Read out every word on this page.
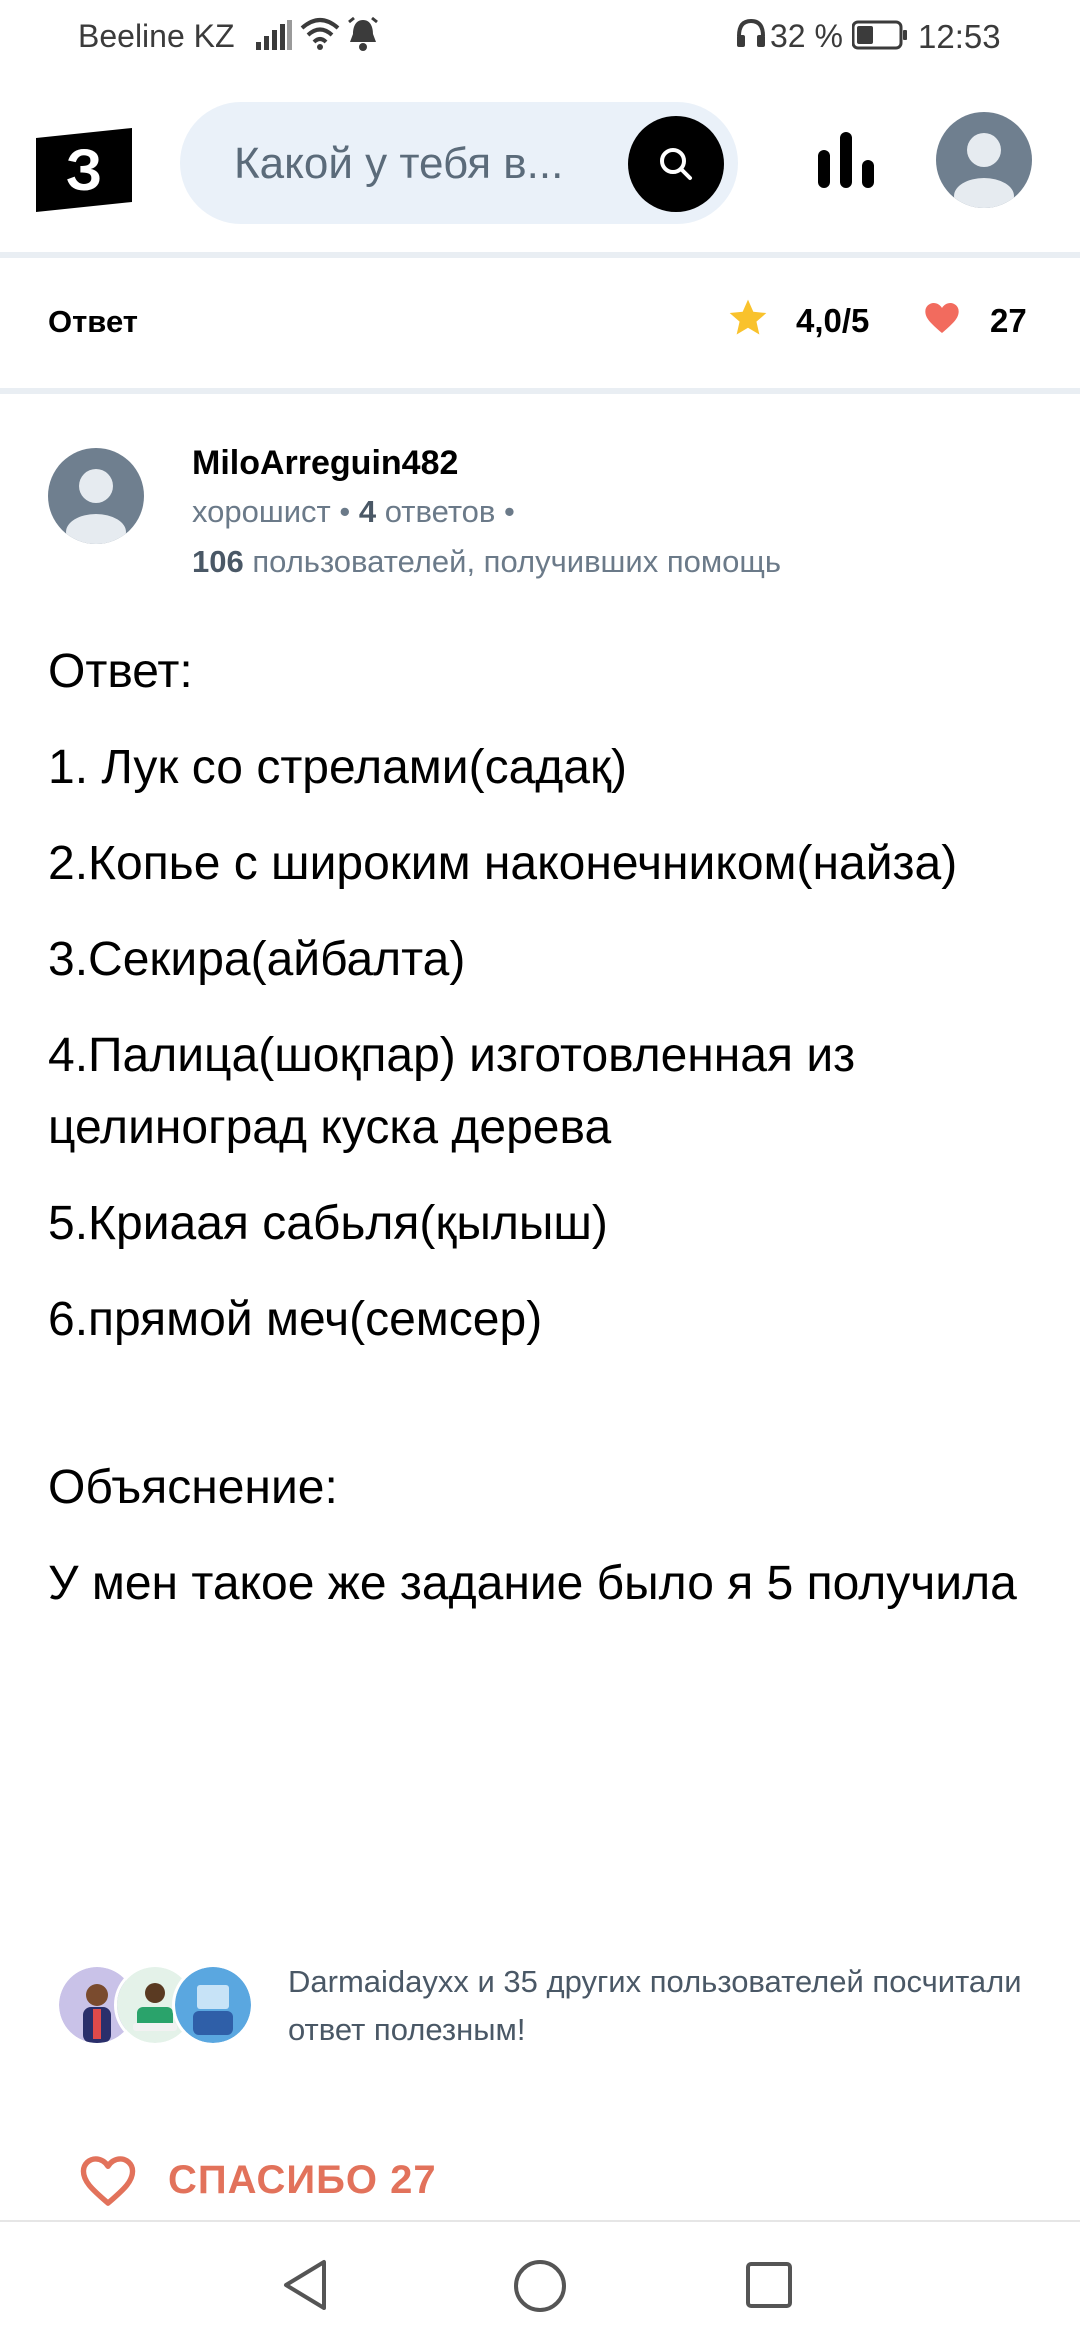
Beeline KZ	32 % 12:53
З	Какой у тебя в...
Ответ	4,0/5	27
MiloArreguin482
хорошист • 4 ответов •
106 пользователей, получивших помощь

Ответ:

1. Лук со стрелами(садақ)

2.Копье с широким наконечником(найза)

3.Секира(айбалта)

4.Палица(шоқпар) изготовленная из целиноград куска дерева

5.Криаая сабьля(қылыш)

6.прямой меч(семсер)

Объяснение:

У мен такое же задание было я 5 получила

Darmaidayxx и 35 других пользователей посчитали ответ полезным!
СПАСИБО 27
